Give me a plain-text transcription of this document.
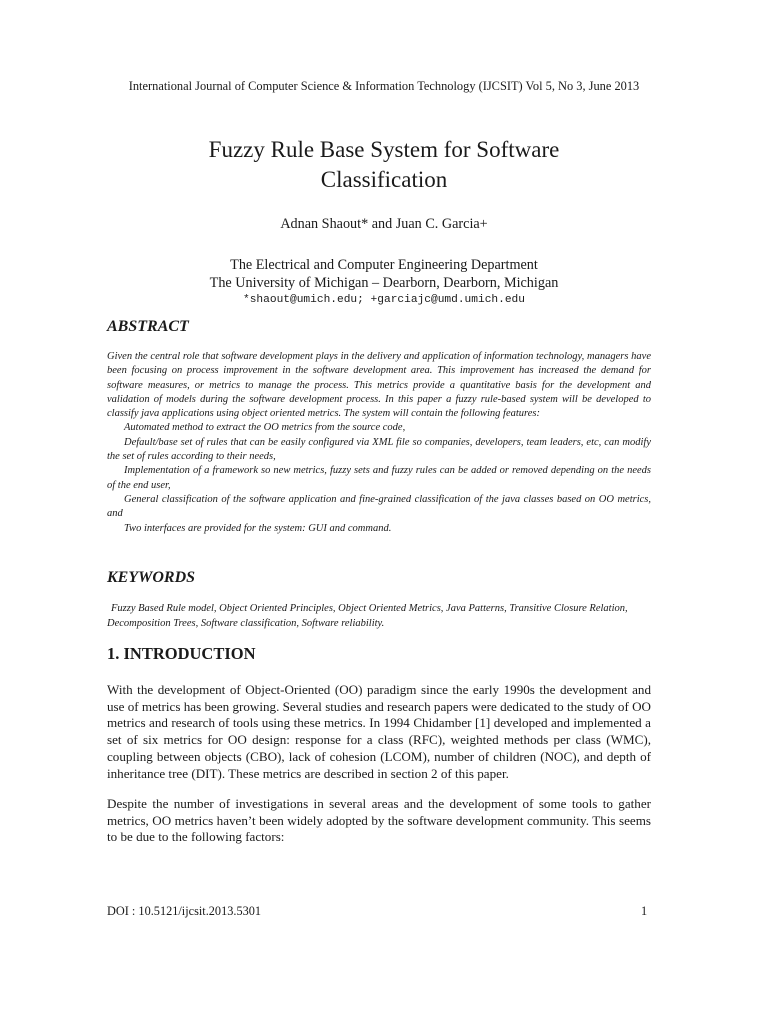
International Journal of Computer Science & Information Technology (IJCSIT) Vol 5, No 3, June 2013
Fuzzy Rule Base System for Software
Classification
Adnan Shaout* and Juan C. Garcia+
The Electrical and Computer Engineering Department
The University of Michigan – Dearborn, Dearborn, Michigan
*shaout@umich.edu; +garciajc@umd.umich.edu
ABSTRACT

Given the central role that software development plays in the delivery and application of information technology, managers have been focusing on process improvement in the software development area. This improvement has increased the demand for software measures, or metrics to manage the process. This metrics provide a quantitative basis for the development and validation of models during the software development process. In this paper a fuzzy rule-based system will be developed to classify java applications using object oriented metrics. The system will contain the following features:

Automated method to extract the OO metrics from the source code,

Default/base set of rules that can be easily configured via XML file so companies, developers, team leaders, etc, can modify the set of rules according to their needs,

Implementation of a framework so new metrics, fuzzy sets and fuzzy rules can be added or removed depending on the needs of the end user,

General classification of the software application and fine-grained classification of the java classes based on OO metrics, and

Two interfaces are provided for the system: GUI and command.

KEYWORDS
Fuzzy Based Rule model, Object Oriented Principles, Object Oriented Metrics, Java Patterns, Transitive Closure Relation, Decomposition Trees, Software classification, Software reliability.
1. INTRODUCTION

With the development of Object-Oriented (OO) paradigm since the early 1990s the development and use of metrics has been growing. Several studies and research papers were dedicated to the study of OO metrics and research of tools using these metrics. In 1994 Chidamber [1] developed and implemented a set of six metrics for OO design: response for a class (RFC), weighted methods per class (WMC), coupling between objects (CBO), lack of cohesion (LCOM), number of children (NOC), and depth of inheritance tree (DIT). These metrics are described in section 2 of this paper.

Despite the number of investigations in several areas and the development of some tools to gather metrics, OO metrics haven’t been widely adopted by the software development community. This seems to be due to the following factors:

DOI : 10.5121/ijcsit.2013.5301	1
